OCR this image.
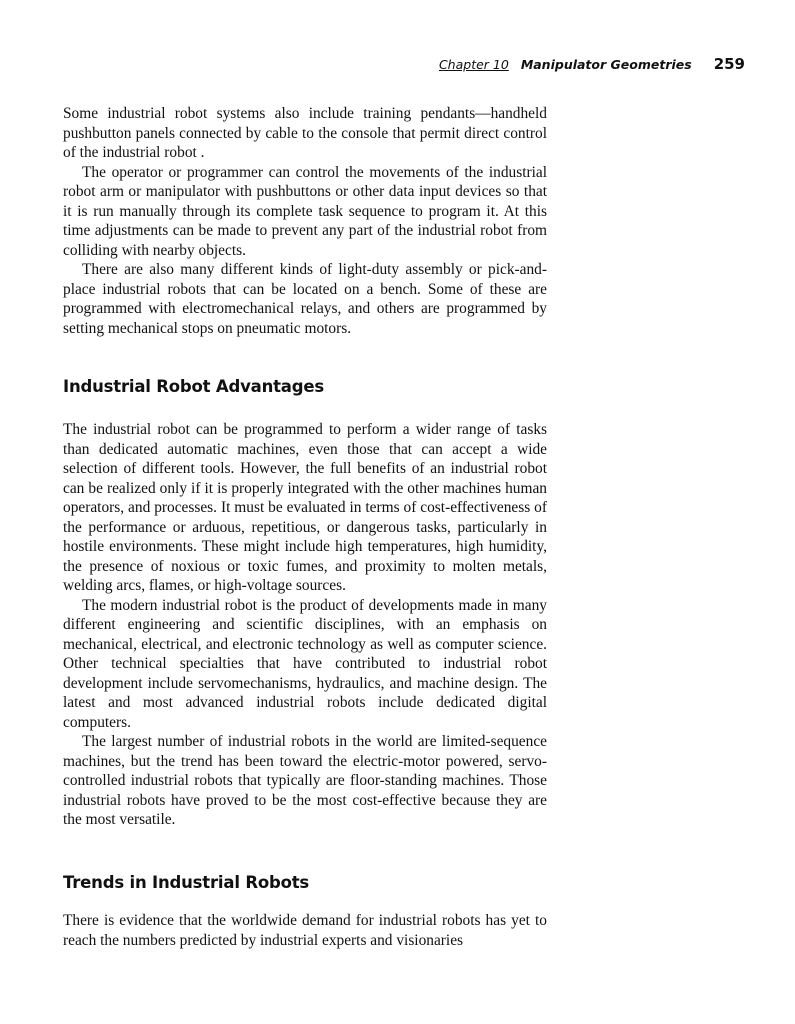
Chapter 10 Manipulator Geometries 259

Some industrial robot systems also include training pendants—handheld pushbutton panels connected by cable to the console that permit direct control of the industrial robot .

The operator or programmer can control the movements of the industrial robot arm or manipulator with pushbuttons or other data input devices so that it is run manually through its complete task sequence to program it. At this time adjustments can be made to prevent any part of the industrial robot from colliding with nearby objects.

There are also many different kinds of light-duty assembly or pick-and-place industrial robots that can be located on a bench. Some of these are programmed with electromechanical relays, and others are programmed by setting mechanical stops on pneumatic motors.

Industrial Robot Advantages

The industrial robot can be programmed to perform a wider range of tasks than dedicated automatic machines, even those that can accept a wide selection of different tools. However, the full benefits of an industrial robot can be realized only if it is properly integrated with the other machines human operators, and processes. It must be evaluated in terms of cost-effectiveness of the performance or arduous, repetitious, or dangerous tasks, particularly in hostile environments. These might include high temperatures, high humidity, the presence of noxious or toxic fumes, and proximity to molten metals, welding arcs, flames, or high-voltage sources.

The modern industrial robot is the product of developments made in many different engineering and scientific disciplines, with an emphasis on mechanical, electrical, and electronic technology as well as computer science. Other technical specialties that have contributed to industrial robot development include servomechanisms, hydraulics, and machine design. The latest and most advanced industrial robots include dedicated digital computers.

The largest number of industrial robots in the world are limited-sequence machines, but the trend has been toward the electric-motor powered, servo-controlled industrial robots that typically are floor-standing machines. Those industrial robots have proved to be the most cost-effective because they are the most versatile.

Trends in Industrial Robots

There is evidence that the worldwide demand for industrial robots has yet to reach the numbers predicted by industrial experts and visionaries
